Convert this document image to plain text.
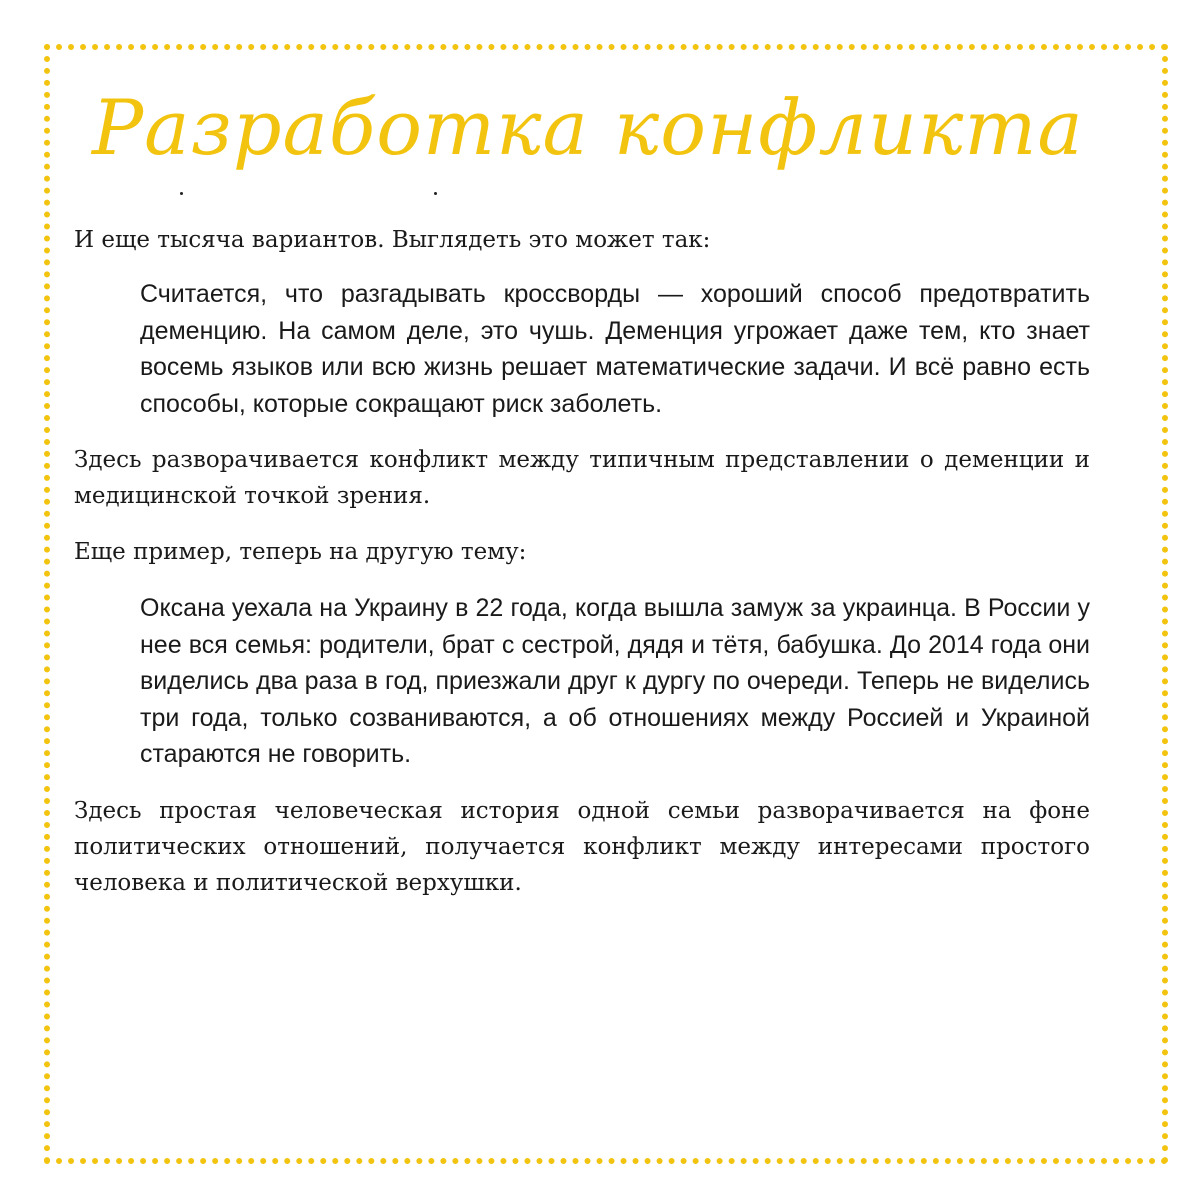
Разработка конфликта

И еще тысяча вариантов. Выглядеть это может так:

Считается, что разгадывать кроссворды — хороший способ предотвратить деменцию. На самом деле, это чушь. Деменция угрожает даже тем, кто знает восемь языков или всю жизнь решает математические задачи. И всё равно есть способы, которые сокращают риск заболеть.

Здесь разворачивается конфликт между типичным представлении о деменции и медицинской точкой зрения.

Еще пример, теперь на другую тему:

Оксана уехала на Украину в 22 года, когда вышла замуж за украинца. В России у нее вся семья: родители, брат с сестрой, дядя и тётя, бабушка. До 2014 года они виделись два раза в год, приезжали друг к дургу по очереди. Теперь не виделись три года, только созваниваются, а об отношениях между Россией и Украиной стараются не говорить.

Здесь простая человеческая история одной семьи разворачивается на фоне политических отношений, получается конфликт между интересами простого человека и политической верхушки.
